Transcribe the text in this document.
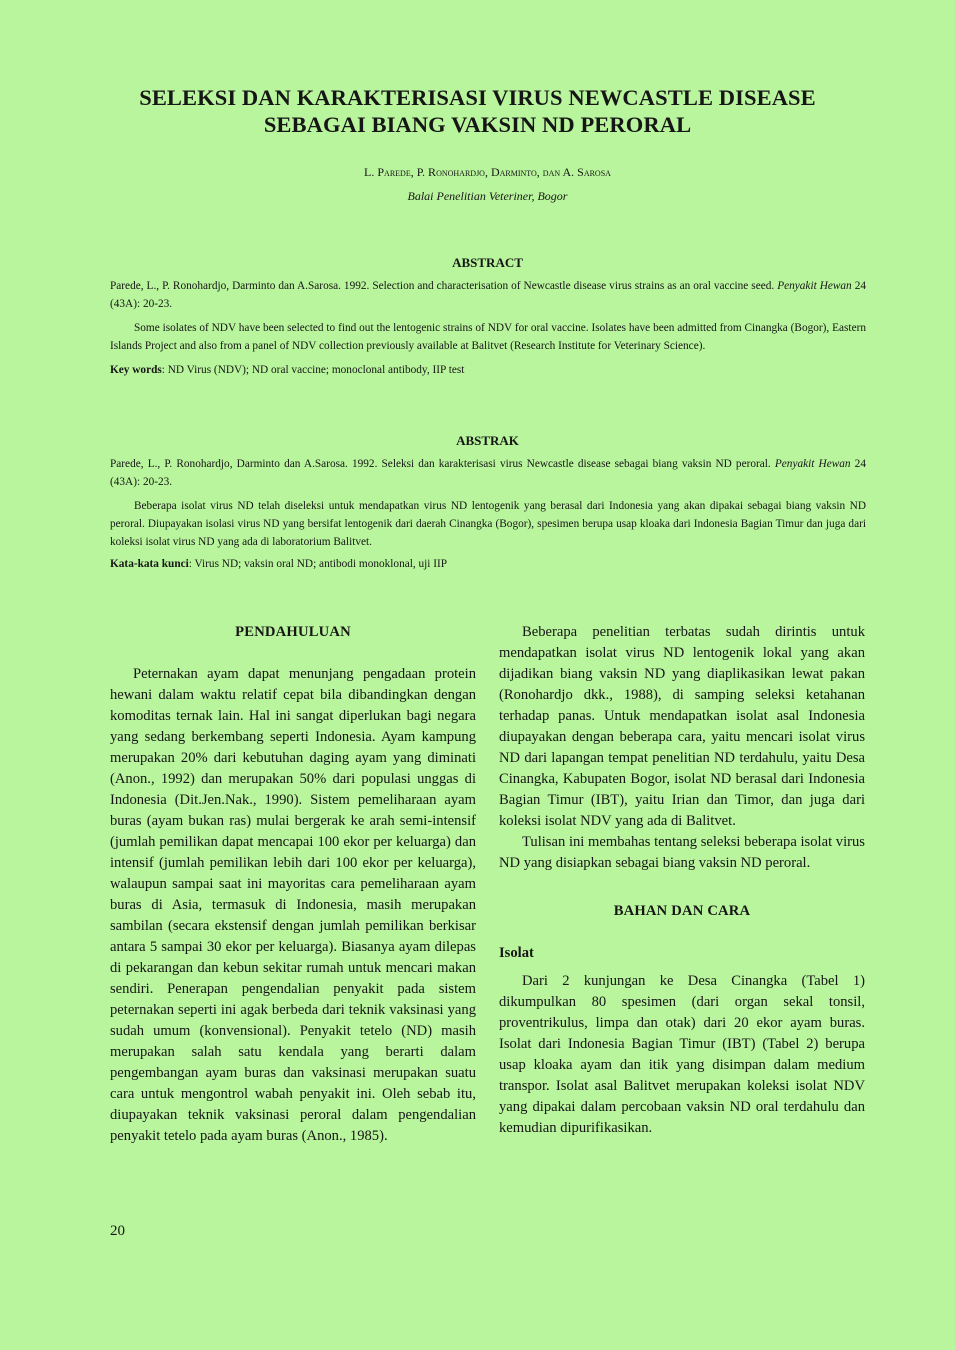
SELEKSI DAN KARAKTERISASI VIRUS NEWCASTLE DISEASE
SEBAGAI BIANG VAKSIN ND PERORAL
L. Parede, P. Ronohardjo, Darminto, dan A. Sarosa
Balai Penelitian Veteriner, Bogor
ABSTRACT

Parede, L., P. Ronohardjo, Darminto dan A.Sarosa. 1992. Selection and characterisation of Newcastle disease virus strains as an oral vaccine seed. Penyakit Hewan 24 (43A): 20-23.

Some isolates of NDV have been selected to find out the lentogenic strains of NDV for oral vaccine. Isolates have been admitted from Cinangka (Bogor), Eastern Islands Project and also from a panel of NDV collection previously available at Balitvet (Research Institute for Veterinary Science).

Key words: ND Virus (NDV); ND oral vaccine; monoclonal antibody, IIP test

ABSTRAK

Parede, L., P. Ronohardjo, Darminto dan A.Sarosa. 1992. Seleksi dan karakterisasi virus Newcastle disease sebagai biang vaksin ND peroral. Penyakit Hewan 24 (43A): 20-23.

Beberapa isolat virus ND telah diseleksi untuk mendapatkan virus ND lentogenik yang berasal dari Indonesia yang akan dipakai sebagai biang vaksin ND peroral. Diupayakan isolasi virus ND yang bersifat lentogenik dari daerah Cinangka (Bogor), spesimen berupa usap kloaka dari Indonesia Bagian Timur dan juga dari koleksi isolat virus ND yang ada di laboratorium Balitvet.

Kata-kata kunci: Virus ND; vaksin oral ND; antibodi monoklonal, uji IIP

PENDAHULUAN

Peternakan ayam dapat menunjang pengadaan protein hewani dalam waktu relatif cepat bila dibandingkan dengan komoditas ternak lain. Hal ini sangat diperlukan bagi negara yang sedang berkembang seperti Indonesia. Ayam kampung merupakan 20% dari kebutuhan daging ayam yang diminati (Anon., 1992) dan merupakan 50% dari populasi unggas di Indonesia (Dit.Jen.Nak., 1990). Sistem pemeliharaan ayam buras (ayam bukan ras) mulai bergerak ke arah semi-intensif (jumlah pemilikan dapat mencapai 100 ekor per keluarga) dan intensif (jumlah pemilikan lebih dari 100 ekor per keluarga), walaupun sampai saat ini mayoritas cara pemeliharaan ayam buras di Asia, termasuk di Indonesia, masih merupakan sambilan (secara ekstensif dengan jumlah pemilikan berkisar antara 5 sampai 30 ekor per keluarga). Biasanya ayam dilepas di pekarangan dan kebun sekitar rumah untuk mencari makan sendiri. Penerapan pengendalian penyakit pada sistem peternakan seperti ini agak berbeda dari teknik vaksinasi yang sudah umum (konvensional). Penyakit tetelo (ND) masih merupakan salah satu kendala yang berarti dalam pengembangan ayam buras dan vaksinasi merupakan suatu cara untuk mengontrol wabah penyakit ini. Oleh sebab itu, diupayakan teknik vaksinasi peroral dalam pengendalian penyakit tetelo pada ayam buras (Anon., 1985).

Beberapa penelitian terbatas sudah dirintis untuk mendapatkan isolat virus ND lentogenik lokal yang akan dijadikan biang vaksin ND yang diaplikasikan lewat pakan (Ronohardjo dkk., 1988), di samping seleksi ketahanan terhadap panas. Untuk mendapatkan isolat asal Indonesia diupayakan dengan beberapa cara, yaitu mencari isolat virus ND dari lapangan tempat penelitian ND terdahulu, yaitu Desa Cinangka, Kabupaten Bogor, isolat ND berasal dari Indonesia Bagian Timur (IBT), yaitu Irian dan Timor, dan juga dari koleksi isolat NDV yang ada di Balitvet.

Tulisan ini membahas tentang seleksi beberapa isolat virus ND yang disiapkan sebagai biang vaksin ND peroral.

BAHAN DAN CARA
Isolat

Dari 2 kunjungan ke Desa Cinangka (Tabel 1) dikumpulkan 80 spesimen (dari organ sekal tonsil, proventrikulus, limpa dan otak) dari 20 ekor ayam buras. Isolat dari Indonesia Bagian Timur (IBT) (Tabel 2) berupa usap kloaka ayam dan itik yang disimpan dalam medium transpor. Isolat asal Balitvet merupakan koleksi isolat NDV yang dipakai dalam percobaan vaksin ND oral terdahulu dan kemudian dipurifikasikan.

20
